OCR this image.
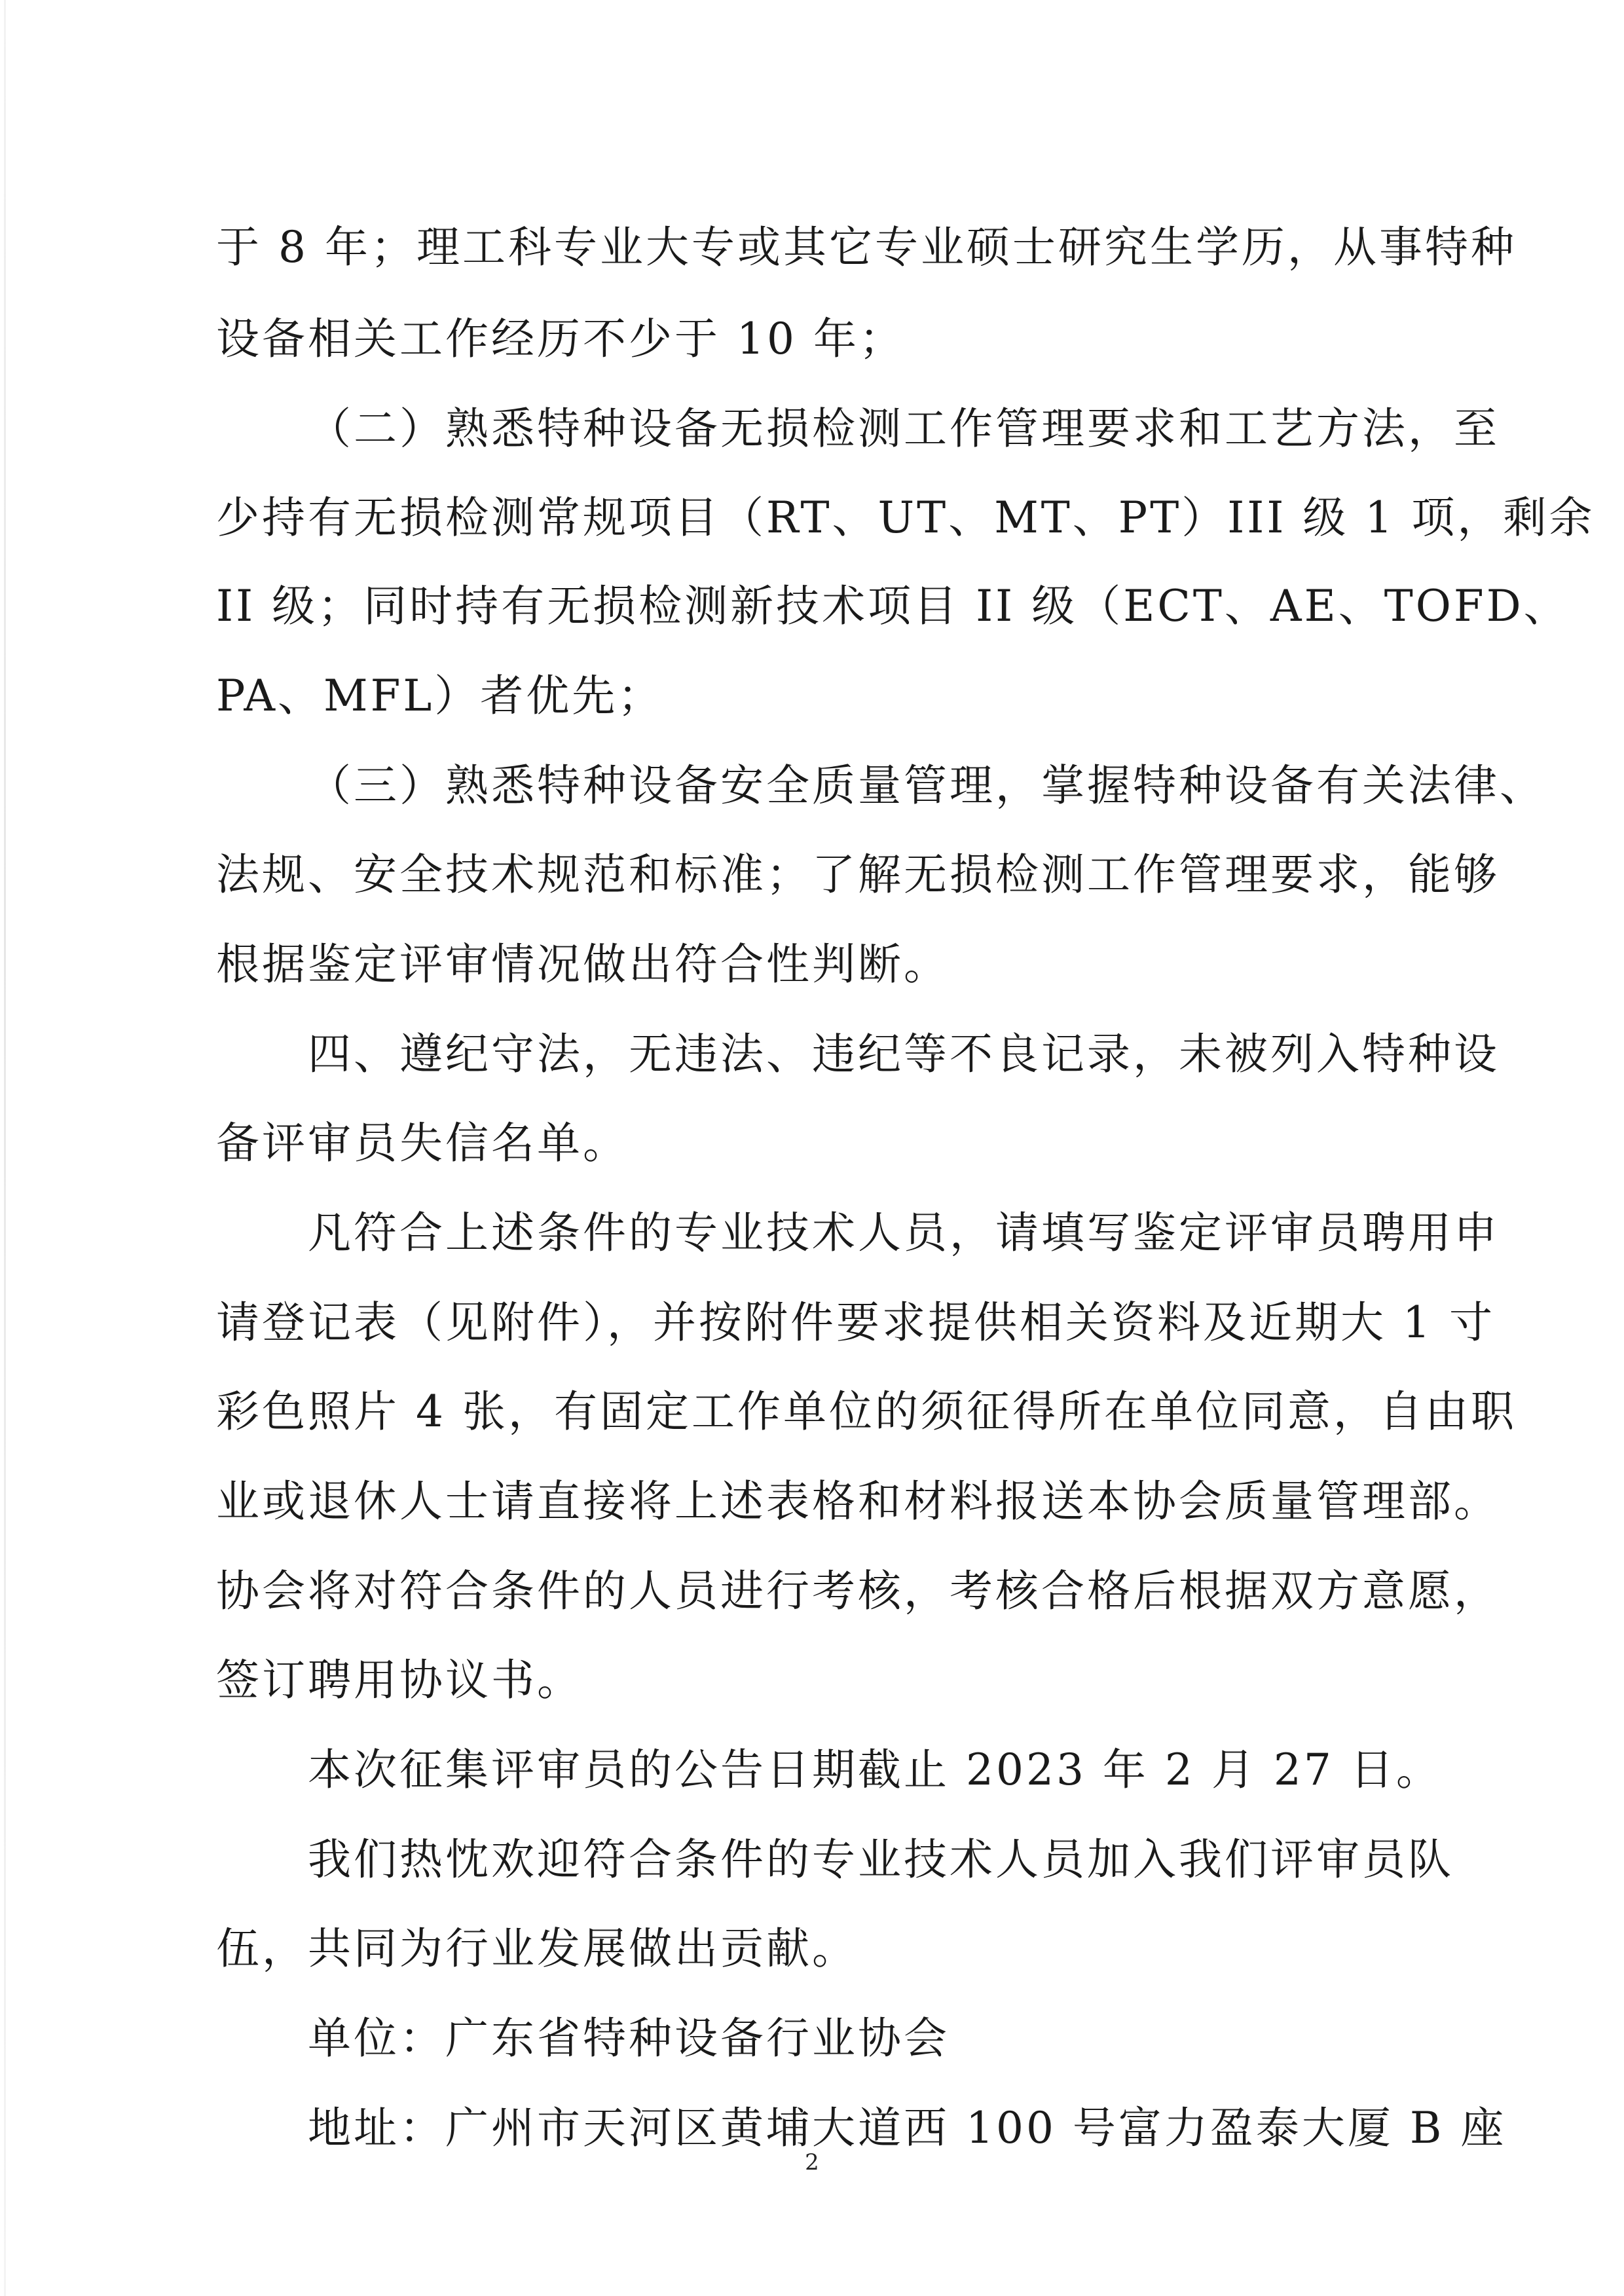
于 8 年；理工科专业大专或其它专业硕士研究生学历，从事特种
设备相关工作经历不少于 10 年；
（二）熟悉特种设备无损检测工作管理要求和工艺方法，至
少持有无损检测常规项目（RT、UT、MT、PT）III 级 1 项，剩余
II 级；同时持有无损检测新技术项目 II 级（ECT、AE、TOFD、
PA、MFL）者优先；
（三）熟悉特种设备安全质量管理，掌握特种设备有关法律、
法规、安全技术规范和标准；了解无损检测工作管理要求，能够
根据鉴定评审情况做出符合性判断。
四、遵纪守法，无违法、违纪等不良记录，未被列入特种设
备评审员失信名单。
凡符合上述条件的专业技术人员，请填写鉴定评审员聘用申
请登记表（见附件），并按附件要求提供相关资料及近期大 1 寸
彩色照片 4 张，有固定工作单位的须征得所在单位同意，自由职
业或退休人士请直接将上述表格和材料报送本协会质量管理部。
协会将对符合条件的人员进行考核，考核合格后根据双方意愿，
签订聘用协议书。
本次征集评审员的公告日期截止 2023 年 2 月 27 日。
我们热忱欢迎符合条件的专业技术人员加入我们评审员队
伍，共同为行业发展做出贡献。
单位：广东省特种设备行业协会
地址：广州市天河区黄埔大道西 100 号富力盈泰大厦 B 座
2
